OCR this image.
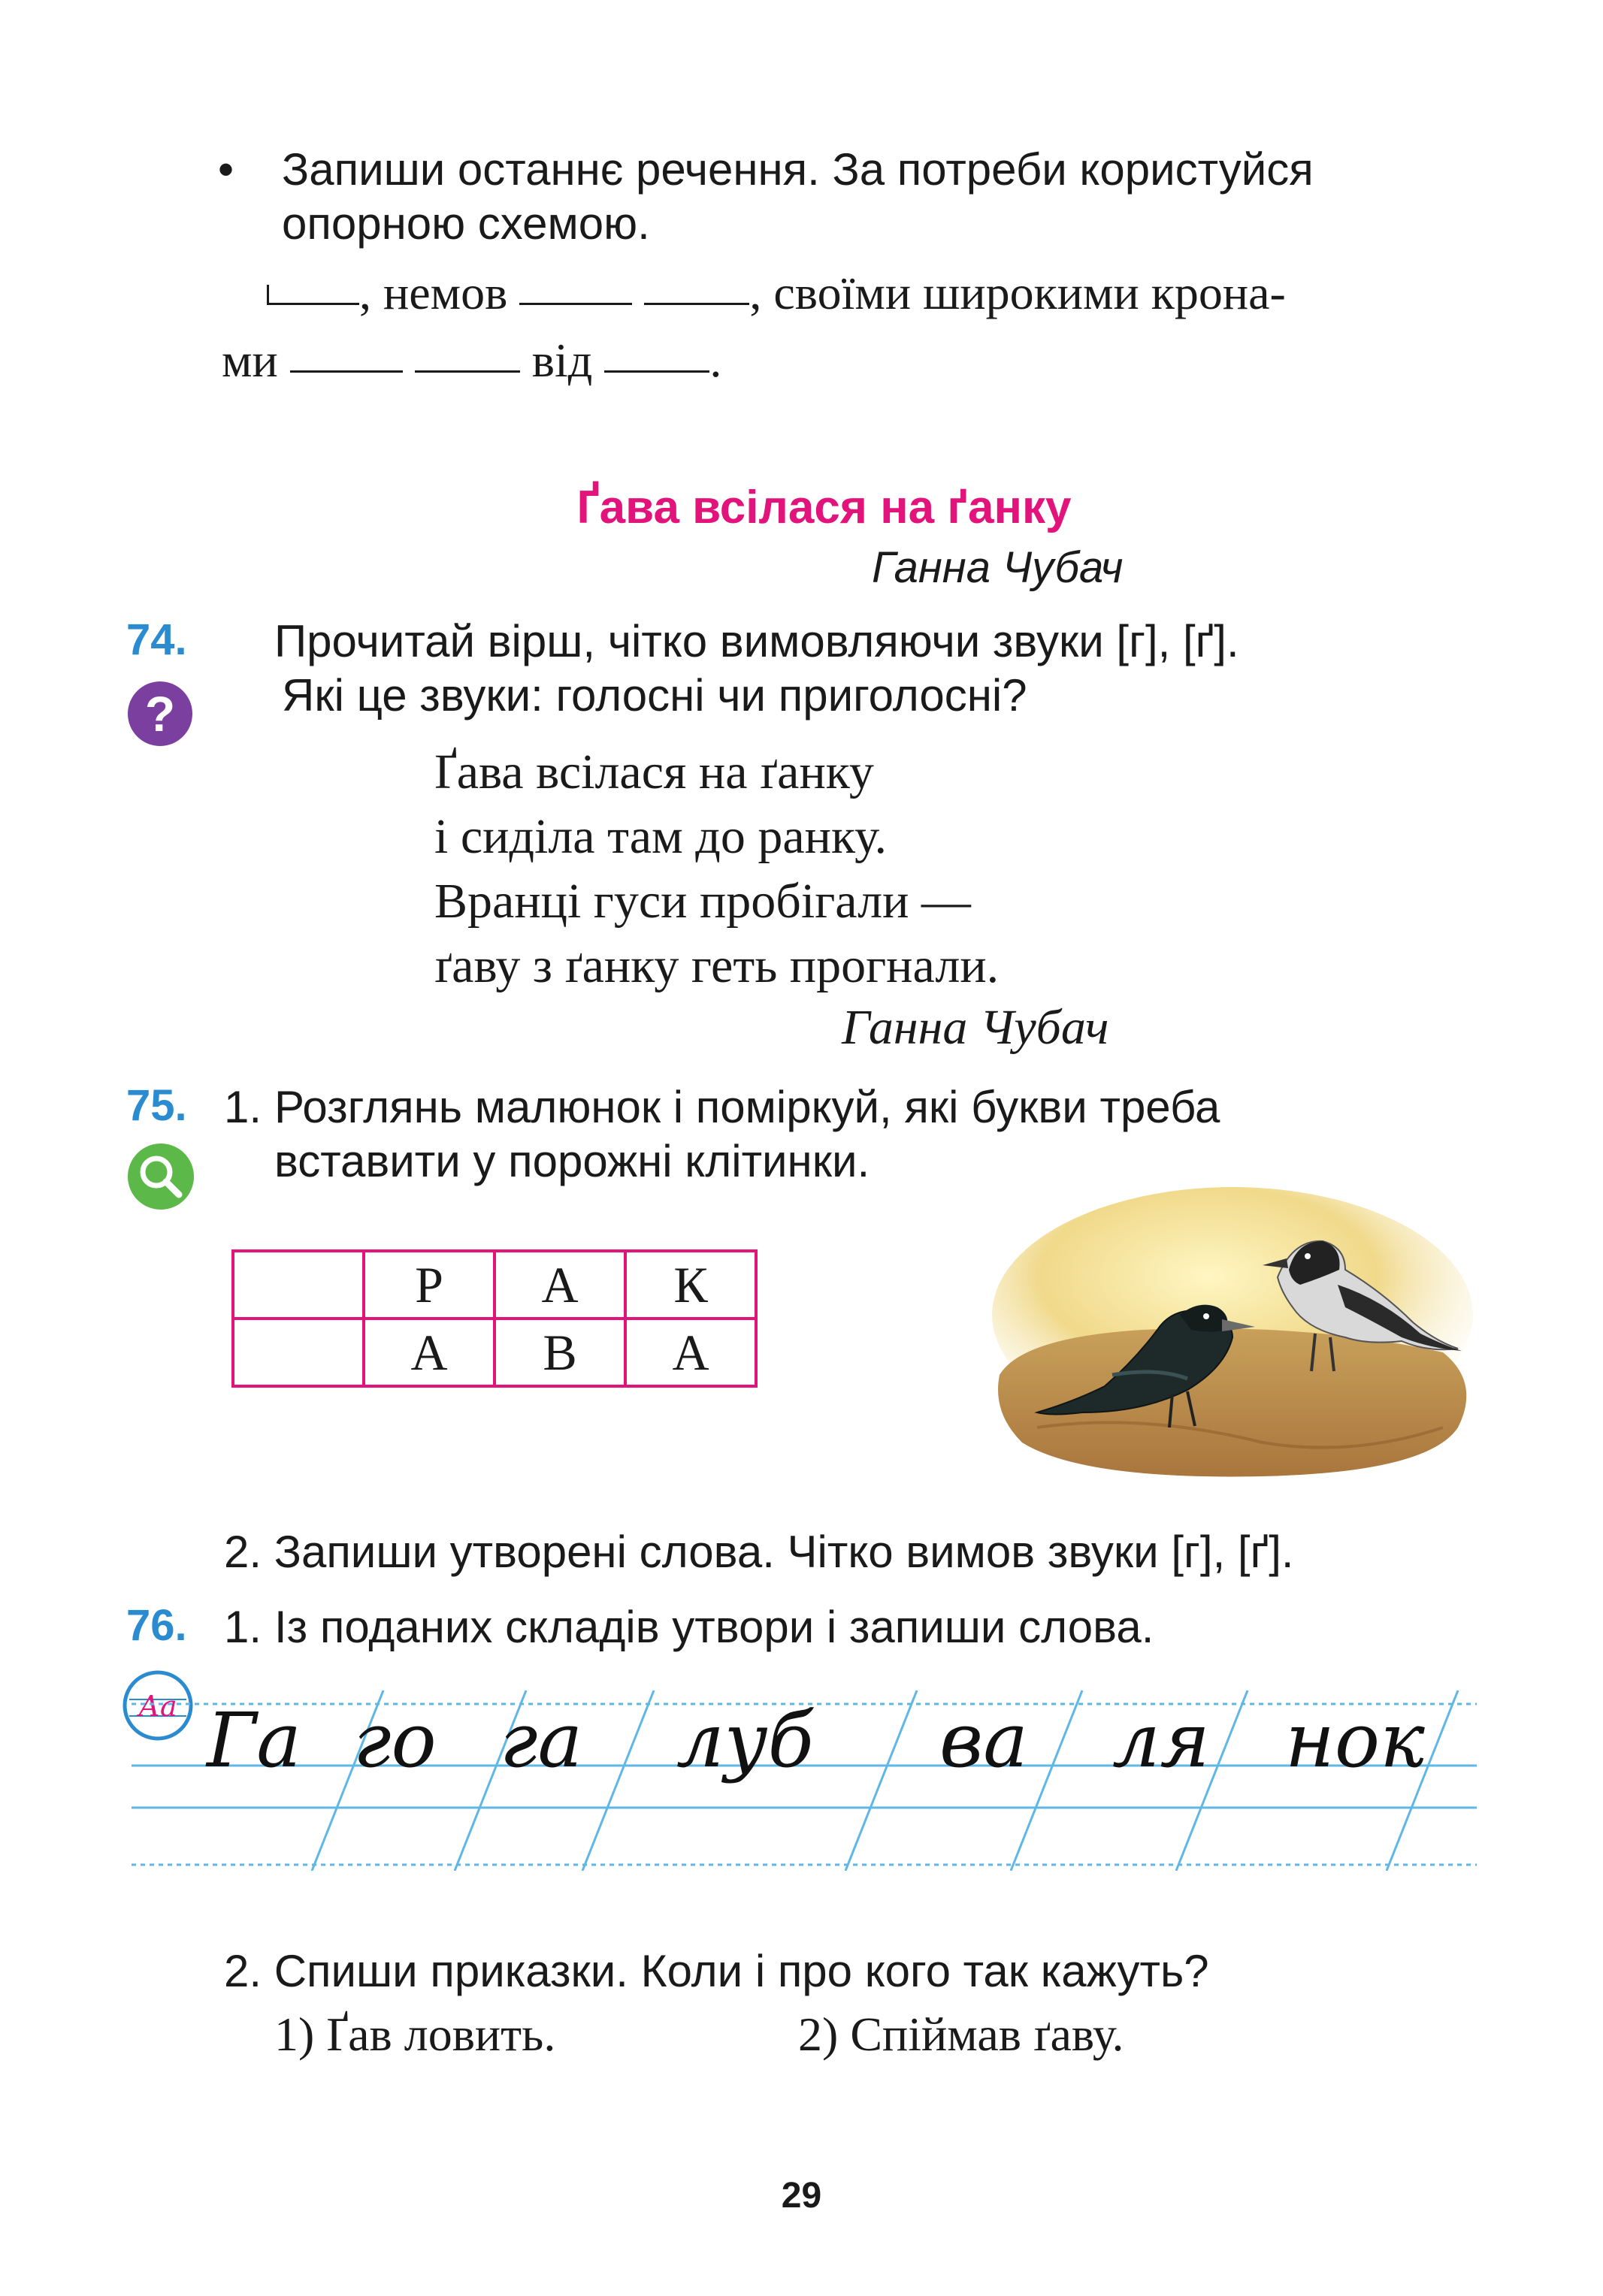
• Запиши останнє речення. За потреби користуйся
опорною схемою.
, немов	, своїми широкими крона-
ми	від .
Ґава всілася на ґанку
Ганна Чубач
74.
?
Прочитай вірш, чітко вимовляючи звуки [г], [ґ].
Які це звуки: голосні чи приголосні?
Ґава всілася на ґанку
і сиділа там до ранку.
Вранці гуси пробігали —
ґаву з ґанку геть прогнали.
Ганна Чубач
75. 1. Розглянь малюнок і поміркуй, які букви треба
вставити у порожні клітинки.
	Р	А	К
	А	В	А
2. Запиши утворені слова. Чітко вимов звуки [г], [ґ].
76. 1. Із поданих складів утвори і запиши слова.
Аа Га го га луб ва ля нок
2. Спиши приказки. Коли і про кого так кажуть?
1) Ґав ловить.	2) Спіймав ґаву.
29
